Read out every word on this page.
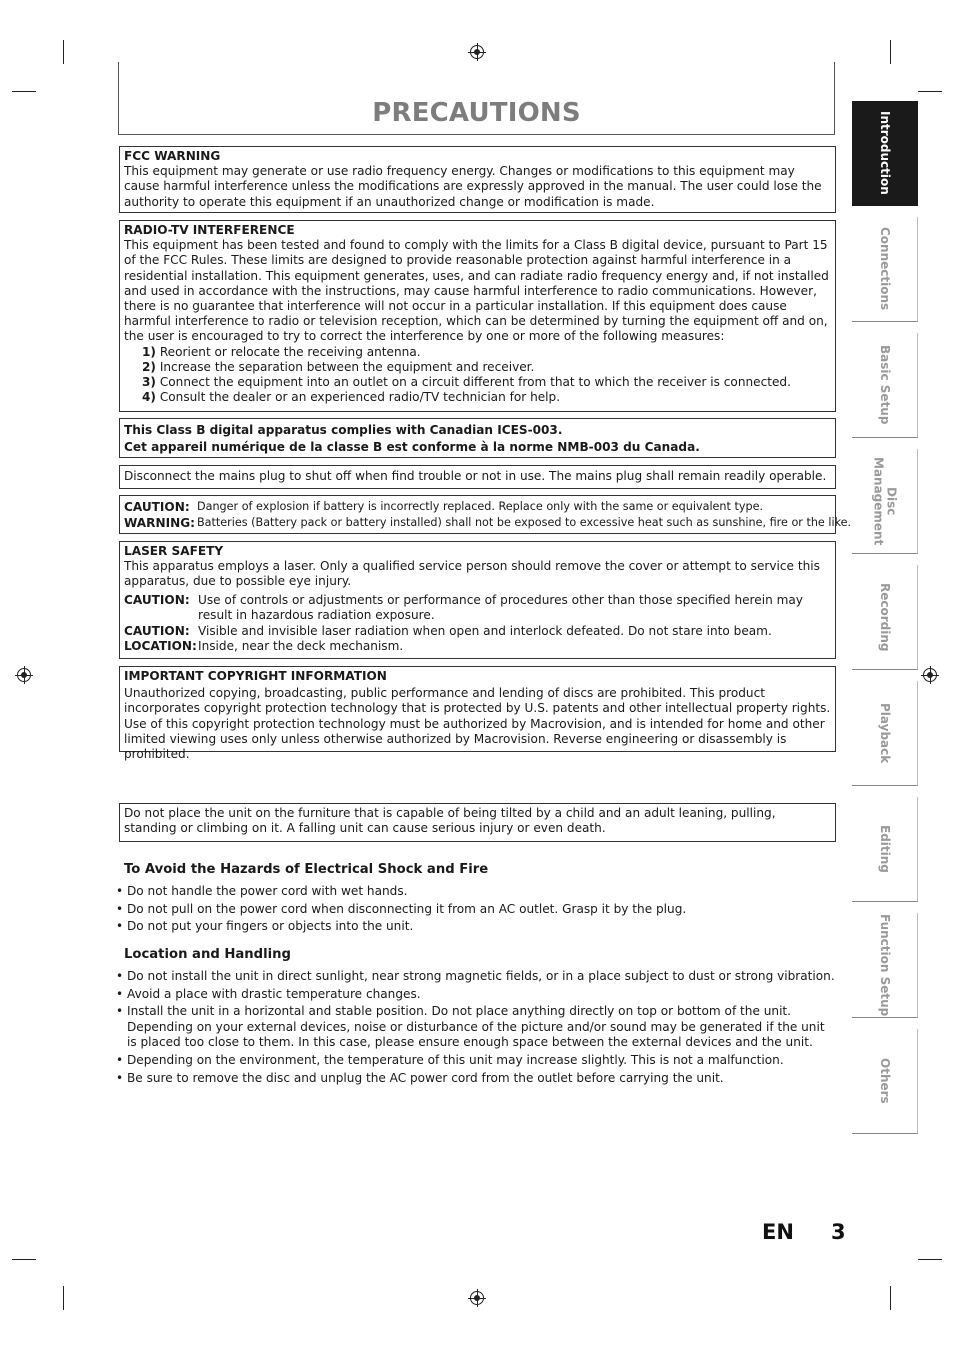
PRECAUTIONS

FCC WARNING

This equipment may generate or use radio frequency energy. Changes or modifications to this equipment may cause harmful interference unless the modifications are expressly approved in the manual. The user could lose the authority to operate this equipment if an unauthorized change or modification is made.

RADIO-TV INTERFERENCE

This equipment has been tested and found to comply with the limits for a Class B digital device, pursuant to Part 15 of the FCC Rules. These limits are designed to provide reasonable protection against harmful interference in a residential installation. This equipment generates, uses, and can radiate radio frequency energy and, if not installed and used in accordance with the instructions, may cause harmful interference to radio communications. However, there is no guarantee that interference will not occur in a particular installation. If this equipment does cause harmful interference to radio or television reception, which can be determined by turning the equipment off and on, the user is encouraged to try to correct the interference by one or more of the following measures:

1) Reorient or relocate the receiving antenna.

2) Increase the separation between the equipment and receiver.

3) Connect the equipment into an outlet on a circuit different from that to which the receiver is connected.

4) Consult the dealer or an experienced radio/TV technician for help.

This Class B digital apparatus complies with Canadian ICES-003.

Cet appareil numérique de la classe B est conforme à la norme NMB-003 du Canada.

Disconnect the mains plug to shut off when find trouble or not in use. The mains plug shall remain readily operable.

CAUTION: Danger of explosion if battery is incorrectly replaced. Replace only with the same or equivalent type.
WARNING: Batteries (Battery pack or battery installed) shall not be exposed to excessive heat such as sunshine, fire or the like.

LASER SAFETY

This apparatus employs a laser. Only a qualified service person should remove the cover or attempt to service this apparatus, due to possible eye injury.

CAUTION: Use of controls or adjustments or performance of procedures other than those specified herein may result in hazardous radiation exposure.
CAUTION: Visible and invisible laser radiation when open and interlock defeated. Do not stare into beam.
LOCATION: Inside, near the deck mechanism.

IMPORTANT COPYRIGHT INFORMATION

Unauthorized copying, broadcasting, public performance and lending of discs are prohibited. This product incorporates copyright protection technology that is protected by U.S. patents and other intellectual property rights. Use of this copyright protection technology must be authorized by Macrovision, and is intended for home and other limited viewing uses only unless otherwise authorized by Macrovision. Reverse engineering or disassembly is prohibited.

Do not place the unit on the furniture that is capable of being tilted by a child and an adult leaning, pulling, standing or climbing on it. A falling unit can cause serious injury or even death.

To Avoid the Hazards of Electrical Shock and Fire
• Do not handle the power cord with wet hands.
• Do not pull on the power cord when disconnecting it from an AC outlet. Grasp it by the plug.
• Do not put your fingers or objects into the unit.
Location and Handling
• Do not install the unit in direct sunlight, near strong magnetic fields, or in a place subject to dust or strong vibration.
• Avoid a place with drastic temperature changes.
• Install the unit in a horizontal and stable position. Do not place anything directly on top or bottom of the unit. Depending on your external devices, noise or disturbance of the picture and/or sound may be generated if the unit is placed too close to them. In this case, please ensure enough space between the external devices and the unit.
• Depending on the environment, the temperature of this unit may increase slightly. This is not a malfunction.
• Be sure to remove the disc and unplug the AC power cord from the outlet before carrying the unit.
Introduction
Connections
Basic Setup
Disc
Management
Recording
Playback
Editing
Function Setup
Others
EN 3
